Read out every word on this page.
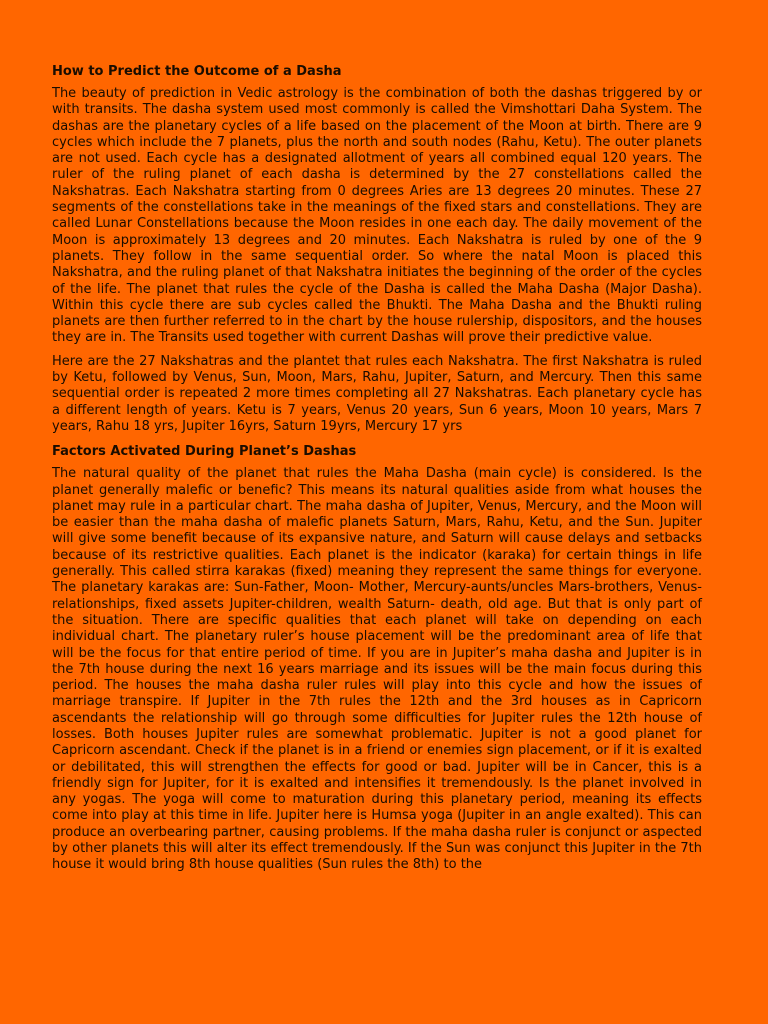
How to Predict the Outcome of a Dasha

The beauty of prediction in Vedic astrology is the combination of both the dashas triggered by or with transits. The dasha system used most commonly is called the Vimshottari Daha System. The dashas are the planetary cycles of a life based on the placement of the Moon at birth. There are 9 cycles which include the 7 planets, plus the north and south nodes (Rahu, Ketu). The outer planets are not used. Each cycle has a designated allotment of years all combined equal 120 years. The ruler of the ruling planet of each dasha is determined by the 27 constellations called the Nakshatras. Each Nakshatra starting from 0 degrees Aries are 13 degrees 20 minutes. These 27 segments of the constellations take in the meanings of the fixed stars and constellations. They are called Lunar Constellations because the Moon resides in one each day. The daily movement of the Moon is approximately 13 degrees and 20 minutes. Each Nakshatra is ruled by one of the 9 planets. They follow in the same sequential order. So where the natal Moon is placed this Nakshatra, and the ruling planet of that Nakshatra initiates the beginning of the order of the cycles of the life. The planet that rules the cycle of the Dasha is called the Maha Dasha (Major Dasha). Within this cycle there are sub cycles called the Bhukti. The Maha Dasha and the Bhukti ruling planets are then further referred to in the chart by the house rulership, dispositors, and the houses they are in. The Transits used together with current Dashas will prove their predictive value.

Here are the 27 Nakshatras and the plantet that rules each Nakshatra. The first Nakshatra is ruled by Ketu, followed by Venus, Sun, Moon, Mars, Rahu, Jupiter, Saturn, and Mercury. Then this same sequential order is repeated 2 more times completing all 27 Nakshatras. Each planetary cycle has a different length of years. Ketu is 7 years, Venus 20 years, Sun 6 years, Moon 10 years, Mars 7 years, Rahu 18 yrs, Jupiter 16yrs, Saturn 19yrs, Mercury 17 yrs

Factors Activated During Planet’s Dashas

The natural quality of the planet that rules the Maha Dasha (main cycle) is considered. Is the planet generally malefic or benefic? This means its natural qualities aside from what houses the planet may rule in a particular chart. The maha dasha of Jupiter, Venus, Mercury, and the Moon will be easier than the maha dasha of malefic planets Saturn, Mars, Rahu, Ketu, and the Sun. Jupiter will give some benefit because of its expansive nature, and Saturn will cause delays and setbacks because of its restrictive qualities. Each planet is the indicator (karaka) for certain things in life generally. This called stirra karakas (fixed) meaning they represent the same things for everyone. The planetary karakas are: Sun-Father, Moon- Mother, Mercury-aunts/uncles Mars-brothers, Venus- relationships, fixed assets Jupiter-children, wealth Saturn- death, old age. But that is only part of the situation. There are specific qualities that each planet will take on depending on each individual chart. The planetary ruler’s house placement will be the predominant area of life that will be the focus for that entire period of time. If you are in Jupiter’s maha dasha and Jupiter is in the 7th house during the next 16 years marriage and its issues will be the main focus during this period. The houses the maha dasha ruler rules will play into this cycle and how the issues of marriage transpire. If Jupiter in the 7th rules the 12th and the 3rd houses as in Capricorn ascendants the relationship will go through some difficulties for Jupiter rules the 12th house of losses. Both houses Jupiter rules are somewhat problematic. Jupiter is not a good planet for Capricorn ascendant. Check if the planet is in a friend or enemies sign placement, or if it is exalted or debilitated, this will strengthen the effects for good or bad. Jupiter will be in Cancer, this is a friendly sign for Jupiter, for it is exalted and intensifies it tremendously. Is the planet involved in any yogas. The yoga will come to maturation during this planetary period, meaning its effects come into play at this time in life. Jupiter here is Humsa yoga (Jupiter in an angle exalted). This can produce an overbearing partner, causing problems. If the maha dasha ruler is conjunct or aspected by other planets this will alter its effect tremendously. If the Sun was conjunct this Jupiter in the 7th house it would bring 8th house qualities (Sun rules the 8th) to the
